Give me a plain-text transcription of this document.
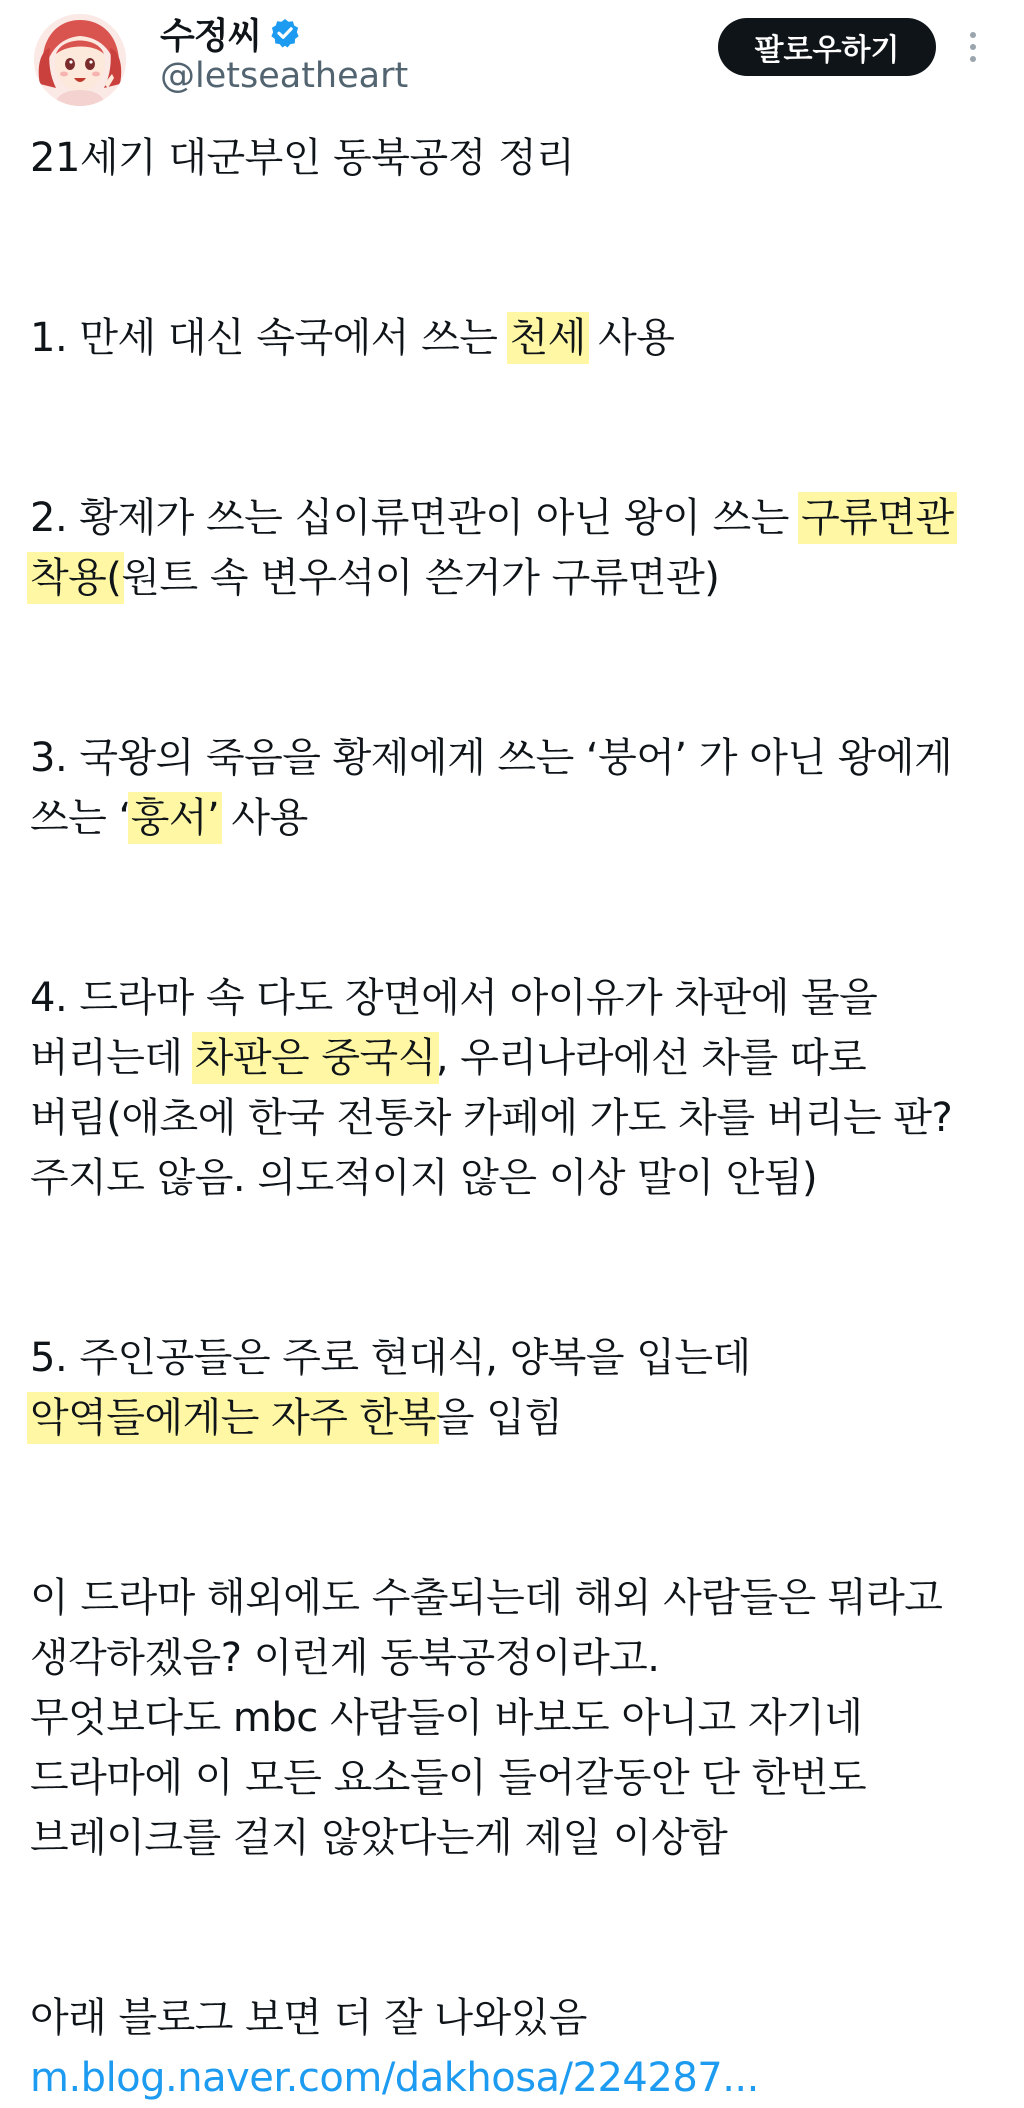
수정씨
@letseatheart
팔로우하기
21세기 대군부인 동북공정 정리
1. 만세 대신 속국에서 쓰는 천세 사용
2. 황제가 쓰는 십이류면관이 아닌 왕이 쓰는 구류면관
착용(원트 속 변우석이 쓴거가 구류면관)
3. 국왕의 죽음을 황제에게 쓰는 ‘붕어’ 가 아닌 왕에게
쓰는 ‘훙서’ 사용
4. 드라마 속 다도 장면에서 아이유가 차판에 물을
버리는데 차판은 중국식, 우리나라에선 차를 따로
버림(애초에 한국 전통차 카페에 가도 차를 버리는 판?
주지도 않음. 의도적이지 않은 이상 말이 안됨)
5. 주인공들은 주로 현대식, 양복을 입는데
악역들에게는 자주 한복을 입힘
이 드라마 해외에도 수출되는데 해외 사람들은 뭐라고
생각하겠음? 이런게 동북공정이라고.
무엇보다도 mbc 사람들이 바보도 아니고 자기네
드라마에 이 모든 요소들이 들어갈동안 단 한번도
브레이크를 걸지 않았다는게 제일 이상함
아래 블로그 보면 더 잘 나와있음
m.blog.naver.com/dakhosa/224287...
